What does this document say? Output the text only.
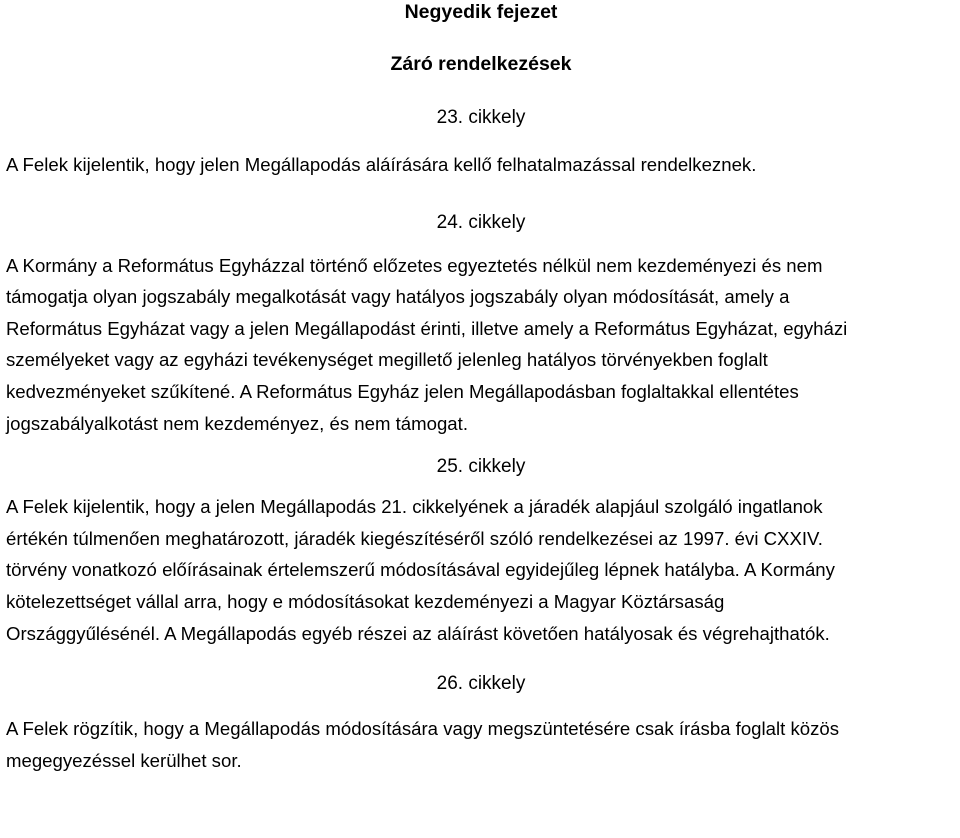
Negyedik fejezet
Záró rendelkezések
23. cikkely
A Felek kijelentik, hogy jelen Megállapodás aláírására kellő felhatalmazással rendelkeznek.
24. cikkely
A Kormány a Református Egyházzal történő előzetes egyeztetés nélkül nem kezdeményezi és nem
támogatja olyan jogszabály megalkotását vagy hatályos jogszabály olyan módosítását, amely a
Református Egyházat vagy a jelen Megállapodást érinti, illetve amely a Református Egyházat, egyházi
személyeket vagy az egyházi tevékenységet megillető jelenleg hatályos törvényekben foglalt
kedvezményeket szűkítené. A Református Egyház jelen Megállapodásban foglaltakkal ellentétes
jogszabályalkotást nem kezdeményez, és nem támogat.
25. cikkely
A Felek kijelentik, hogy a jelen Megállapodás 21. cikkelyének a járadék alapjául szolgáló ingatlanok
értékén túlmenően meghatározott, járadék kiegészítéséről szóló rendelkezései az 1997. évi CXXIV.
törvény vonatkozó előírásainak értelemszerű módosításával egyidejűleg lépnek hatályba. A Kormány
kötelezettséget vállal arra, hogy e módosításokat kezdeményezi a Magyar Köztársaság
Országgyűlésénél. A Megállapodás egyéb részei az aláírást követően hatályosak és végrehajthatók.
26. cikkely
A Felek rögzítik, hogy a Megállapodás módosítására vagy megszüntetésére csak írásba foglalt közös
megegyezéssel kerülhet sor.
